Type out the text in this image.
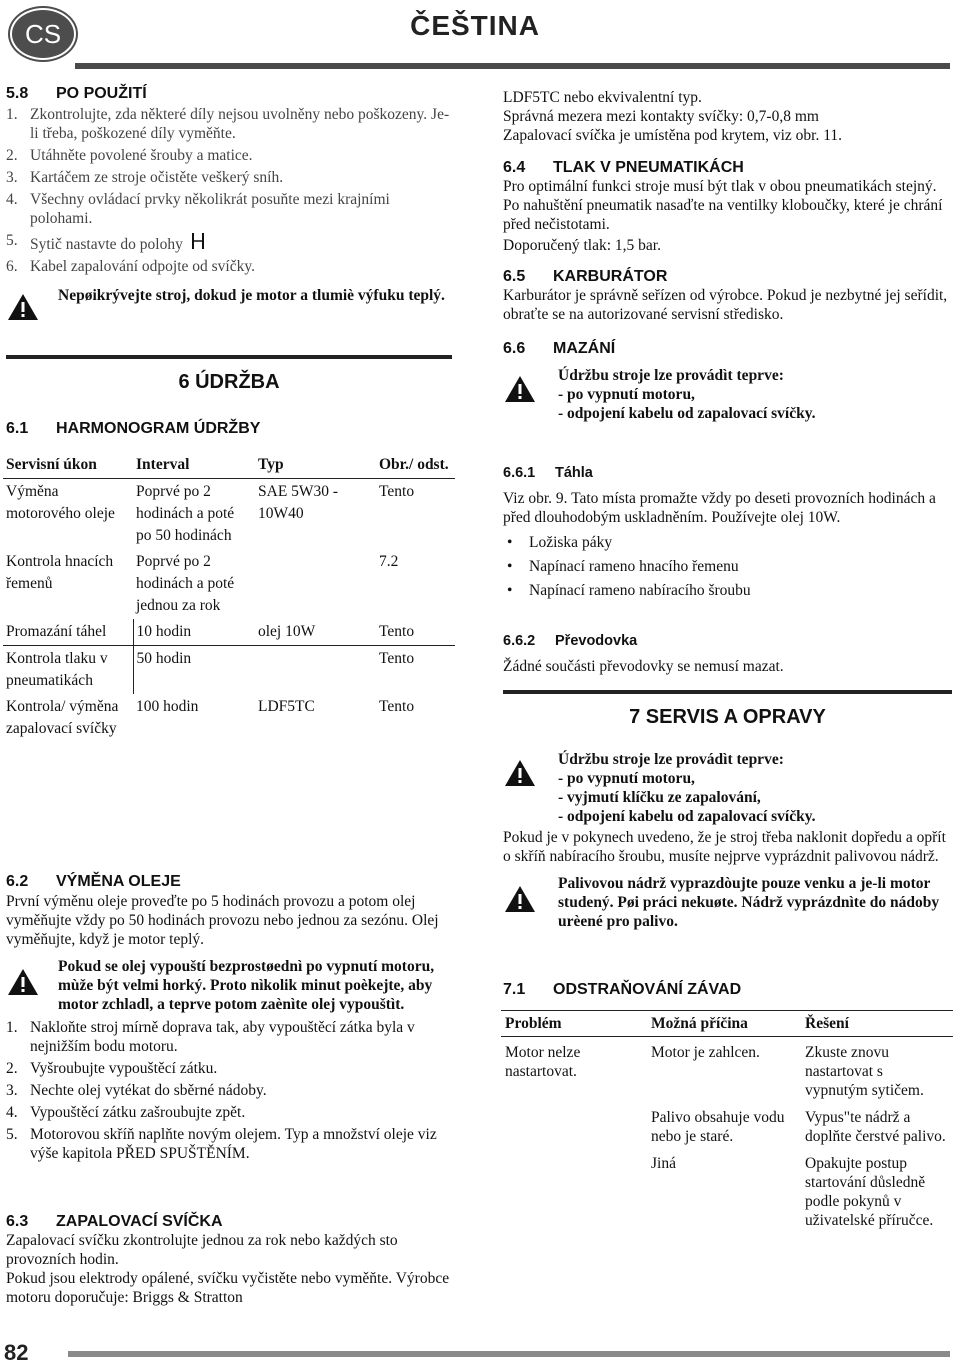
CS	ČEŠTINA
5.8 PO POUŽITÍ
1. Zkontrolujte, zda některé díly nejsou uvolněny nebo poškozeny. Je-li třeba, poškozené díly vyměňte.
2. Utáhněte povolené šrouby a matice.
3. Kartáčem ze stroje očistěte veškerý sníh.
4. Všechny ovládací prvky několikrát posuňte mezi krajními polohami.
5. Sytič nastavte do polohy
6. Kabel zapalování odpojte od svíčky.
Nepøikrývejte stroj, dokud je motor a tlumiè výfuku teplý.
6 ÚDRŽBA
6.1 HARMONOGRAM ÚDRŽBY
Servisní úkon	Interval	Typ	Obr./ odst.
Výměna motorového oleje	Poprvé po 2 hodinách a poté po 50 hodinách	SAE 5W30 - 10W40	Tento
Kontrola hnacích řemenů	Poprvé po 2 hodinách a poté jednou za rok		7.2
Promazání táhel	10 hodin	olej 10W	Tento
Kontrola tlaku v pneumatikách	50 hodin		Tento
Kontrola/ výměna zapalovací svíčky	100 hodin	LDF5TC	Tento
6.2 VÝMĚNA OLEJE
První výměnu oleje proveďte po 5 hodinách provozu a potom olej vyměňujte vždy po 50 hodinách provozu nebo jednou za sezónu. Olej vyměňujte, když je motor teplý.
Pokud se olej vypouští bezprostøednì po vypnutí motoru, mùže být velmi horký. Proto nìkolik minut poèkejte, aby motor zchladl, a teprve potom zaènìte olej vypouštìt.
1. Nakloňte stroj mírně doprava tak, aby vypouštěcí zátka byla v nejnižším bodu motoru.
2. Vyšroubujte vypouštěcí zátku.
3. Nechte olej vytékat do sběrné nádoby.
4. Vypouštěcí zátku zašroubujte zpět.
5. Motorovou skříň naplňte novým olejem. Typ a množství oleje viz výše kapitola PŘED SPUŠTĚNÍM.
6.3 ZAPALOVACÍ SVÍČKA
Zapalovací svíčku zkontrolujte jednou za rok nebo každých sto provozních hodin.
Pokud jsou elektrody opálené, svíčku vyčistěte nebo vyměňte. Výrobce motoru doporučuje: Briggs & Stratton
LDF5TC nebo ekvivalentní typ.
Správná mezera mezi kontakty svíčky: 0,7-0,8 mm
Zapalovací svíčka je umístěna pod krytem, viz obr. 11.
6.4 TLAK V PNEUMATIKÁCH
Pro optimální funkci stroje musí být tlak v obou pneumatikách stejný. Po nahuštění pneumatik nasaďte na ventilky kloboučky, které je chrání před nečistotami.
Doporučený tlak: 1,5 bar.
6.5 KARBURÁTOR
Karburátor je správně seřízen od výrobce. Pokud je nezbytné jej seřídit, obraťte se na autorizované servisní středisko.
6.6 MAZÁNÍ
Údržbu stroje lze provádìt teprve:
- po vypnutí motoru,
- odpojení kabelu od zapalovací svíčky.
6.6.1 Táhla
Viz obr. 9. Tato místa promažte vždy po deseti provozních hodinách a před dlouhodobým uskladněním. Používejte olej 10W.
• Ložiska páky
• Napínací rameno hnacího řemenu
• Napínací rameno nabíracího šroubu
6.6.2 Převodovka
Žádné součásti převodovky se nemusí mazat.
7 SERVIS A OPRAVY
Údržbu stroje lze provádìt teprve:
- po vypnutí motoru,
- vyjmutí klíčku ze zapalování,
- odpojení kabelu od zapalovací svíčky.
Pokud je v pokynech uvedeno, že je stroj třeba naklonit dopředu a opřít o skříň nabíracího šroubu, musíte nejprve vyprázdnit palivovou nádrž.
Palivovou nádrž vyprazdòujte pouze venku a je-li motor studený. Pøi práci nekuøte. Nádrž vyprázdnìte do nádoby urèené pro palivo.
7.1 ODSTRAŇOVÁNÍ ZÁVAD
Problém	Možná příčina	Řešení
Motor nelze nastartovat.	Motor je zahlcen.	Zkuste znovu nastartovat s vypnutým sytičem.
	Palivo obsahuje vodu nebo je staré.	Vypus"te nádrž a doplňte čerstvé palivo.
	Jiná	Opakujte postup startování důsledně podle pokynů v uživatelské příručce.
82
